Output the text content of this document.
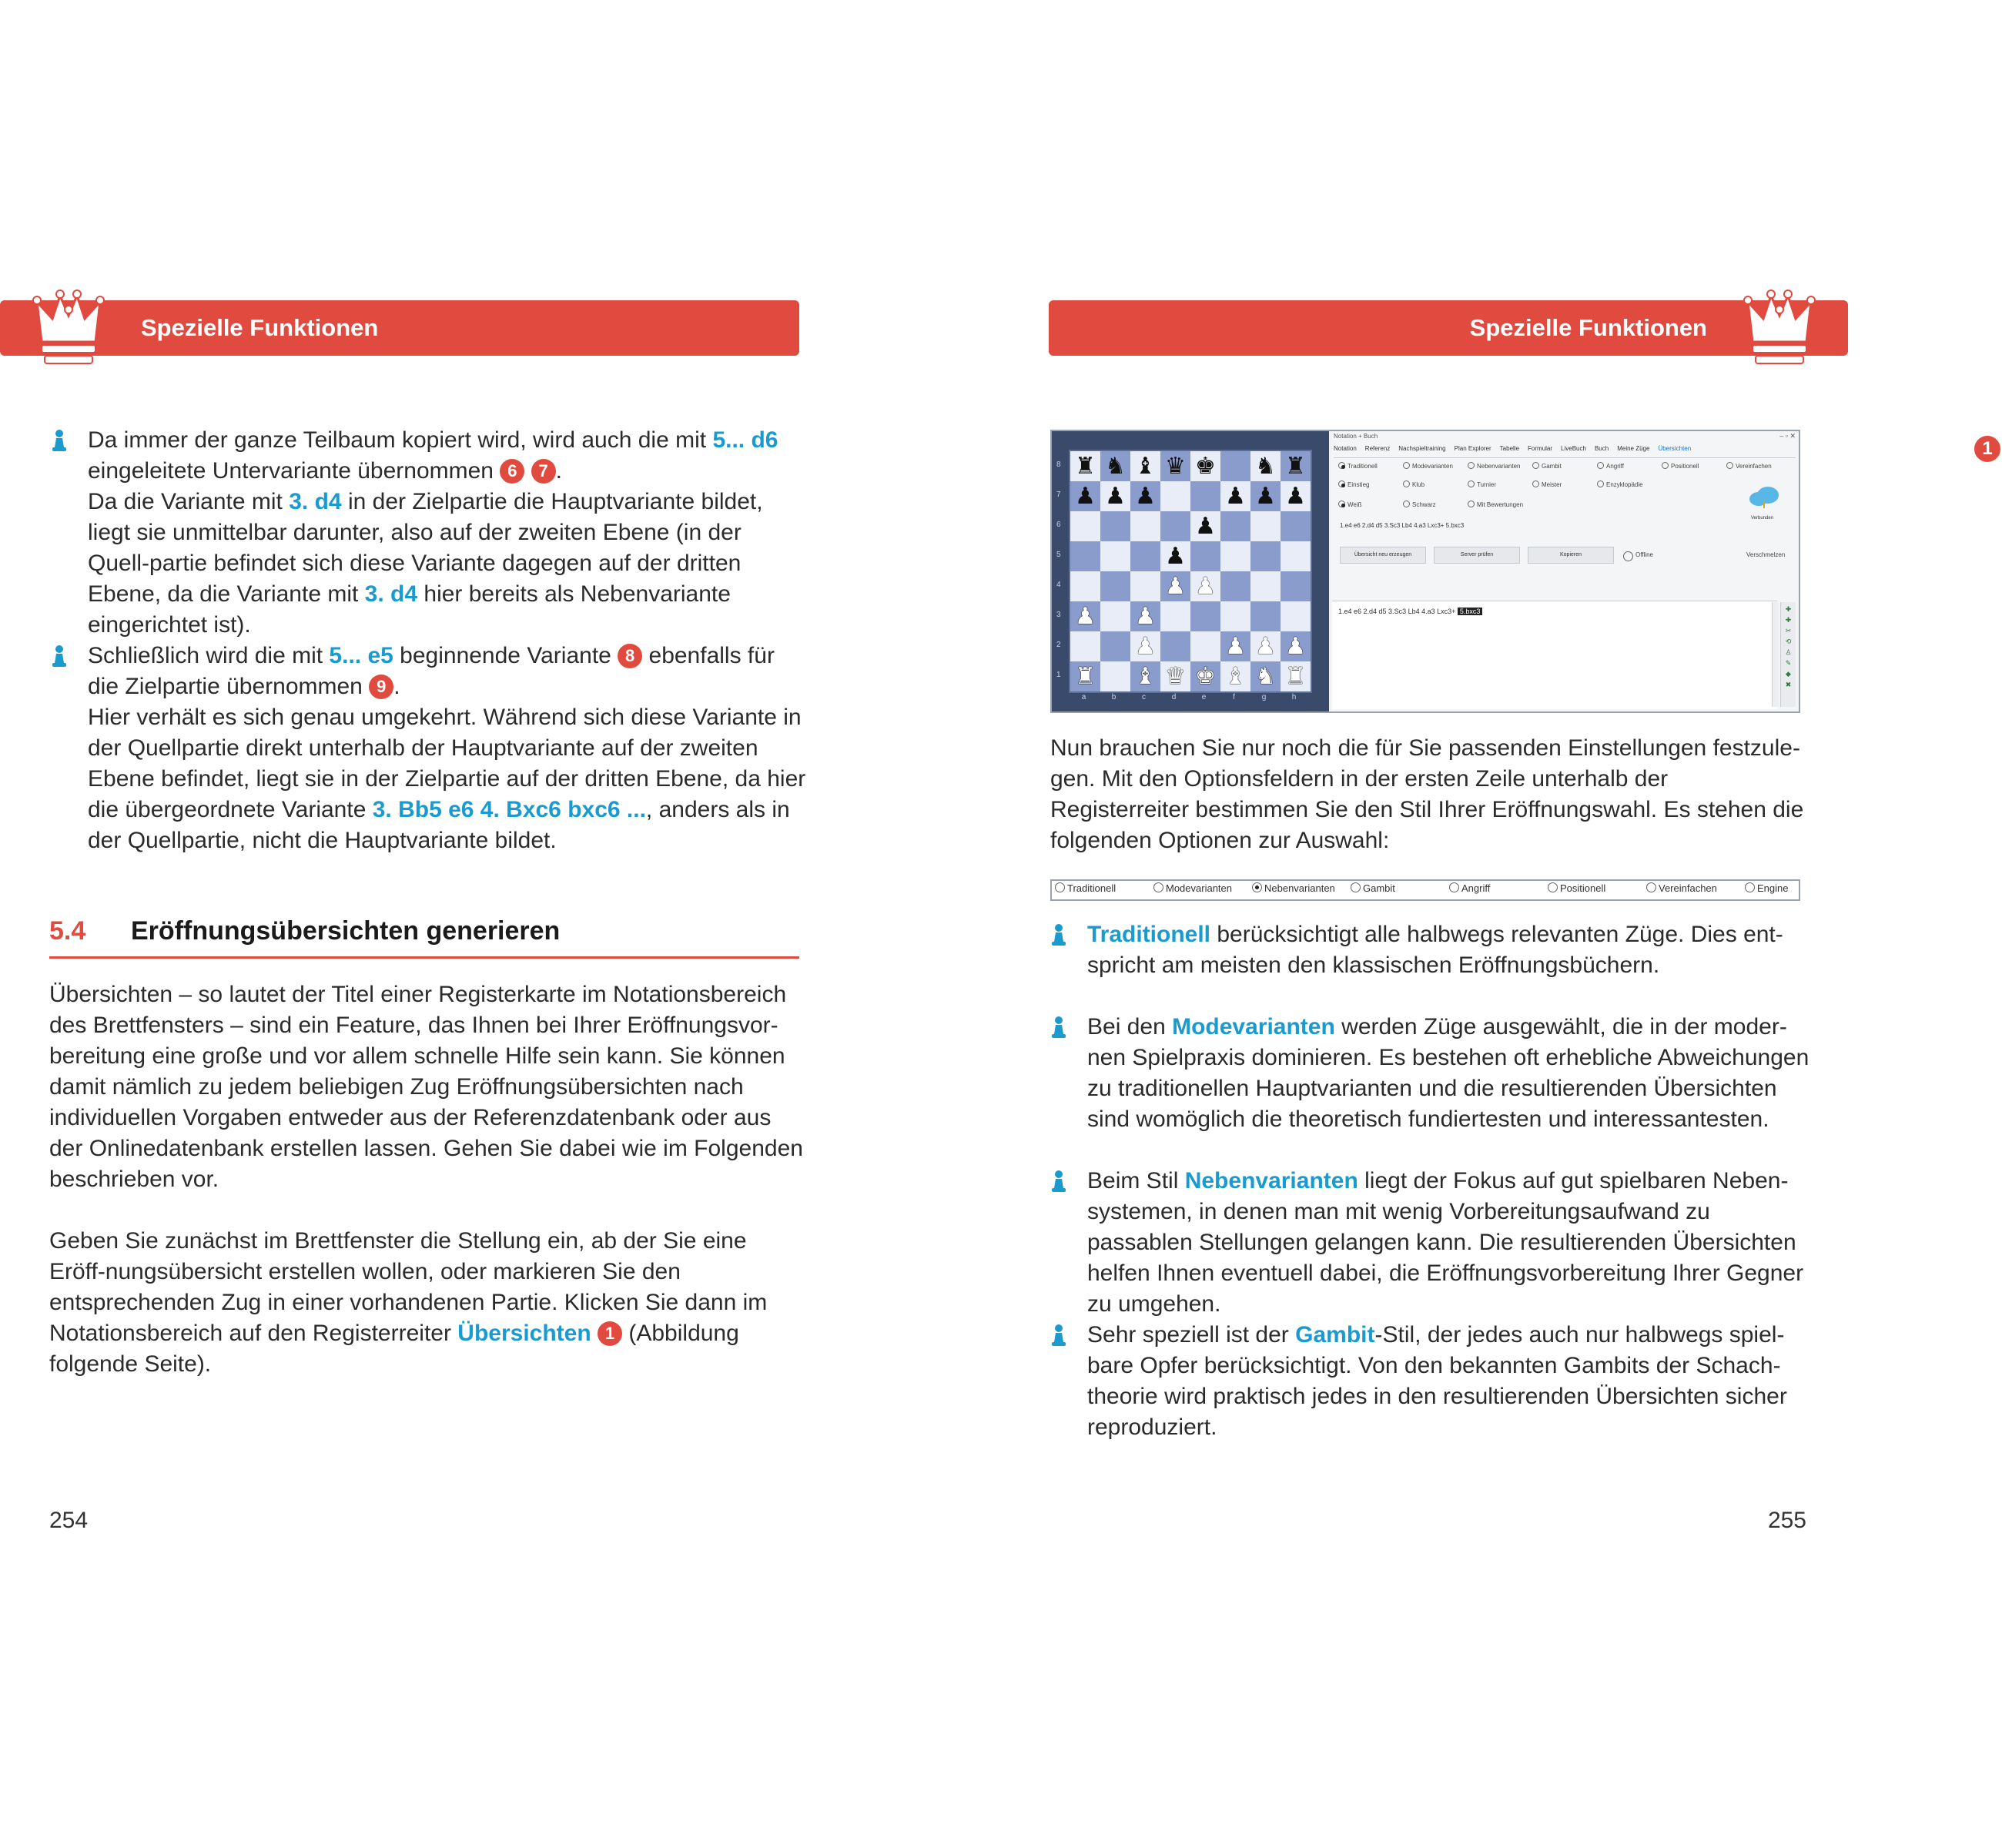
Spezielle Funktionen	Spezielle Funktionen
Da immer der ganze Teilbaum kopiert wird, wird auch die mit 5... d6
eingeleitete Untervariante übernommen 6 7 .
Da die Variante mit 3. d4 in der Zielpartie die Hauptvariante bildet, liegt sie unmittelbar darunter, also auf der zweiten Ebene (in der Quell-partie befindet sich diese Variante dagegen auf der dritten Ebene, da die Variante mit 3. d4 hier bereits als Nebenvariante eingerichtet ist).
Schließlich wird die mit 5... e5 beginnende Variante 8 ebenfalls für die Zielpartie übernommen 9 .
Hier verhält es sich genau umgekehrt. Während sich diese Variante in der Quellpartie direkt unterhalb der Hauptvariante auf der zweiten Ebene befindet, liegt sie in der Zielpartie auf der dritten Ebene, da hier die übergeordnete Variante 3. Bb5 e6 4. Bxc6 bxc6 ..., anders als in der Quellpartie, nicht die Hauptvariante bildet.
5.4 Eröffnungsübersichten generieren

Übersichten – so lautet der Titel einer Registerkarte im Notationsbereich des Brettfensters – sind ein Feature, das Ihnen bei Ihrer Eröffnungsvor-bereitung eine große und vor allem schnelle Hilfe sein kann. Sie können damit nämlich zu jedem beliebigen Zug Eröffnungsübersichten nach individuellen Vorgaben entweder aus der Referenzdatenbank oder aus der Onlinedatenbank erstellen lassen. Gehen Sie dabei wie im Folgenden beschrieben vor.

Geben Sie zunächst im Brettfenster die Stellung ein, ab der Sie eine Eröff-nungsübersicht erstellen wollen, oder markieren Sie den entsprechenden Zug in einer vorhandenen Partie. Klicken Sie dann im Notationsbereich auf den Registerreiter Übersichten 1 (Abbildung folgende Seite).

254
8
7
6
5
4
3
2
1
♜ ♞ ♝ ♛ ♚ ♞ ♜
♟ ♟ ♟	♟ ♟ ♟
♟
♟
♟ ♟
♟ ♟
♟	♟ ♟ ♟
♜ ♝ ♛ ♚ ♝ ♞ ♜
a	b	c	d	e	f	g	h
Notation + Buch	– ▫ ✕
Notation Referenz Nachspieltraining Plan Explorer Tabelle Formular LiveBuch Buch Meine Züge Übersichten
Traditionell	Modevarianten	Nebenvarianten	Gambit	Angriff	Positionell	Vereinfachen
Einstieg	Klub	Turnier	Meister	Enzyklopädie
Weiß	Schwarz	Mit Bewertungen
1.e4 e6 2.d4 d5 3.Sc3 Lb4 4.a3 Lxc3+ 5.bxc3
Übersicht neu erzeugen	Server prüfen	Kopieren	Offline	Verschmelzen
Verbunden
1.e4 e6 2.d4 d5 3.Sc3 Lb4 4.a3 Lxc3+ 5.bxc3	✚
✚
✂
⟲
♙
✎
◆
✖
1

Nun brauchen Sie nur noch die für Sie passenden Einstellungen festzule-gen. Mit den Optionsfeldern in der ersten Zeile unterhalb der Registerreiter bestimmen Sie den Stil Ihrer Eröffnungswahl. Es stehen die folgenden Optionen zur Auswahl:

Traditionell	Modevarianten	Nebenvarianten	Gambit	Angriff	Positionell	Vereinfachen	Engine
Traditionell berücksichtigt alle halbwegs relevanten Züge. Dies ent-spricht am meisten den klassischen Eröffnungsbüchern.
Bei den Modevarianten werden Züge ausgewählt, die in der moder-nen Spielpraxis dominieren. Es bestehen oft erhebliche Abweichungen zu traditionellen Hauptvarianten und die resultierenden Übersichten sind womöglich die theoretisch fundiertesten und interessantesten.
Beim Stil Nebenvarianten liegt der Fokus auf gut spielbaren Neben-systemen, in denen man mit wenig Vorbereitungsaufwand zu passablen Stellungen gelangen kann. Die resultierenden Übersichten helfen Ihnen eventuell dabei, die Eröffnungsvorbereitung Ihrer Gegner zu umgehen.
Sehr speziell ist der Gambit-Stil, der jedes auch nur halbwegs spiel-bare Opfer berücksichtigt. Von den bekannten Gambits der Schach-theorie wird praktisch jedes in den resultierenden Übersichten sicher reproduziert.
255
